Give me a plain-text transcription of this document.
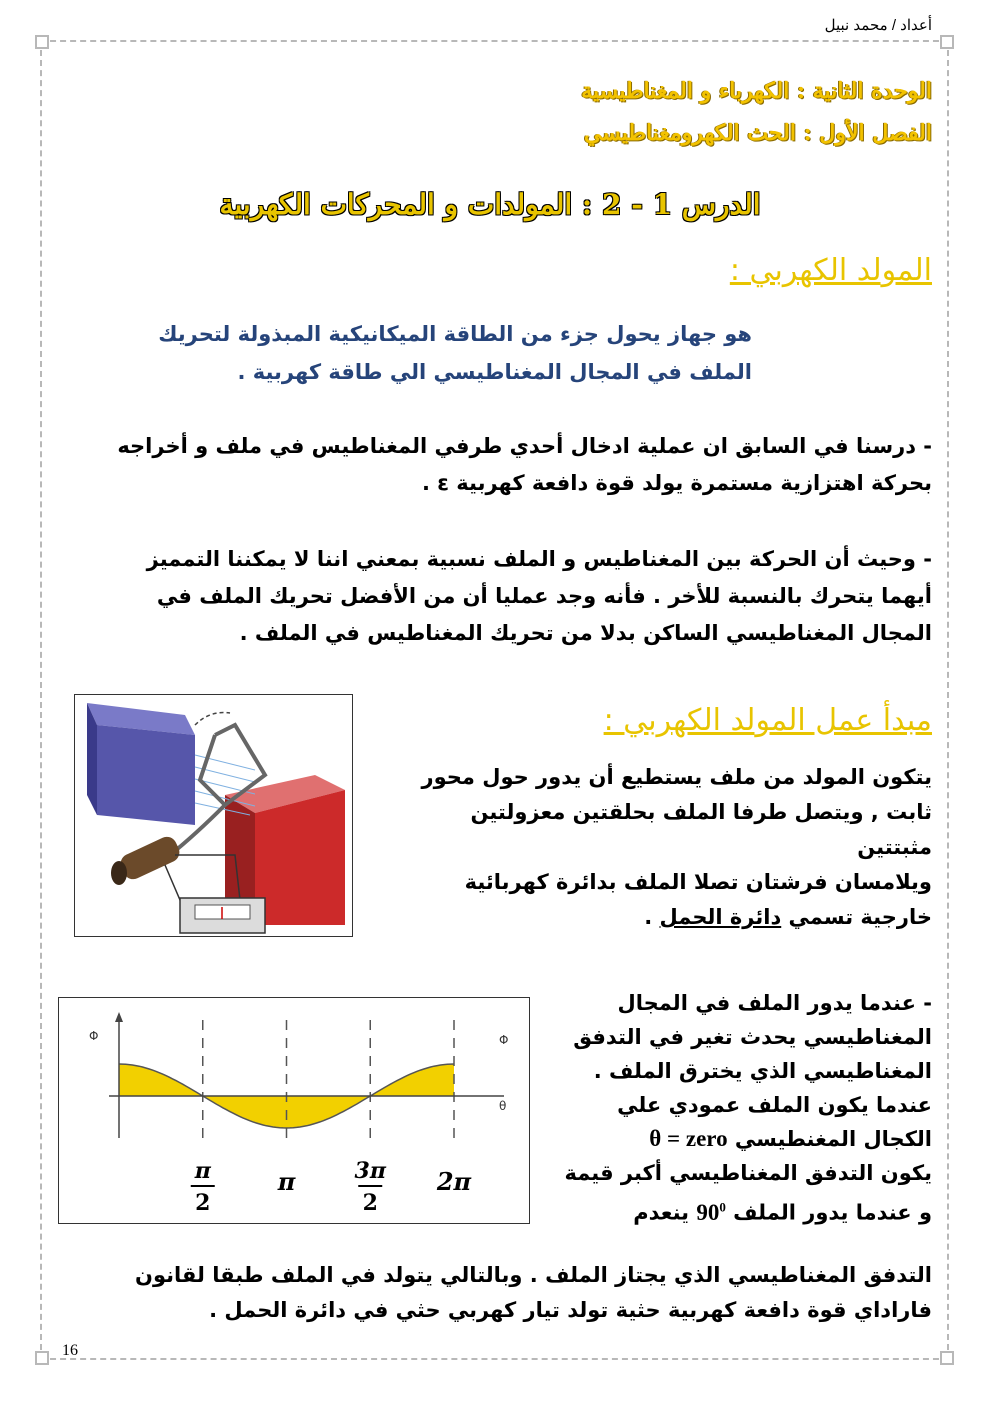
أعداد / محمد نبيل
الوحدة الثانية : الكهرباء و المغناطيسية
الفصل الأول : الحث الكهرومغناطيسي
الدرس 1 - 2 : المولدات و المحركات الكهربية
المولد الكهربي :
هو جهاز يحول جزء من الطاقة الميكانيكية المبذولة لتحريك
الملف في المجال المغناطيسي الي طاقة كهربية .
- درسنا في السابق ان عملية ادخال أحدي طرفي المغناطيس في ملف و أخراجه
بحركة اهتزازية مستمرة يولد قوة دافعة كهربية ε .
- وحيث أن الحركة بين المغناطيس و الملف نسبية بمعني اننا لا يمكننا التمميز
أيهما يتحرك بالنسبة للأخر . فأنه وجد عمليا أن من الأفضل تحريك الملف في
المجال المغناطيسي الساكن بدلا من تحريك المغناطيس في الملف .
مبدأ عمل المولد الكهربي :
يتكون المولد من ملف يستطيع أن يدور حول محور
ثابت , ويتصل طرفا الملف بحلقتين معزولتين مثبتتين
ويلامسان فرشتان تصلا الملف بدائرة كهربائية
خارجية تسمي دائرة الحمل .
Φ	Φ
θ
π
2
π	3π
2
2π
- عندما يدور الملف في المجال
المغناطيسي يحدث تغير في التدفق
المغناطيسي الذي يخترق الملف .
عندما يكون الملف عمودي علي
الكجال المغنطيسي θ = zero
يكون التدفق المغناطيسي أكبر قيمة
و عندما يدور الملف $90^0$ ينعدم
التدفق المغناطيسي الذي يجتاز الملف . وبالتالي يتولد في الملف طبقا لقانون
فاراداي قوة دافعة كهربية حثية تولد تيار كهربي حثي في دائرة الحمل .
16
